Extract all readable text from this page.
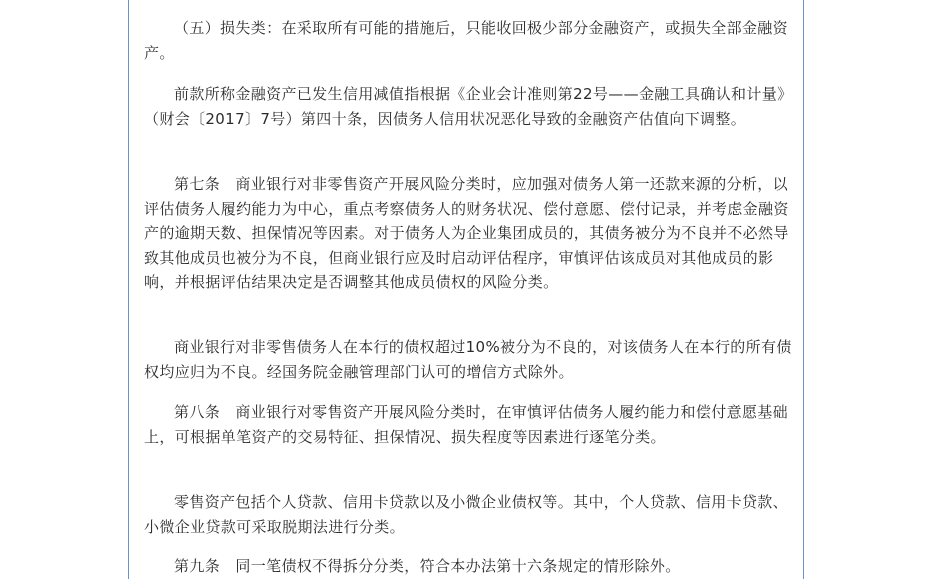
（五）损失类：在采取所有可能的措施后，只能收回极少部分金融资产，或损失全部金融资产。

前款所称金融资产已发生信用减值指根据《企业会计准则第22号——金融工具确认和计量》（财会〔2017〕7号）第四十条，因债务人信用状况恶化导致的金融资产估值向下调整。

第七条　商业银行对非零售资产开展风险分类时，应加强对债务人第一还款来源的分析，以评估债务人履约能力为中心，重点考察债务人的财务状况、偿付意愿、偿付记录，并考虑金融资产的逾期天数、担保情况等因素。对于债务人为企业集团成员的，其债务被分为不良并不必然导致其他成员也被分为不良，但商业银行应及时启动评估程序，审慎评估该成员对其他成员的影响，并根据评估结果决定是否调整其他成员债权的风险分类。

商业银行对非零售债务人在本行的债权超过10%被分为不良的，对该债务人在本行的所有债权均应归为不良。经国务院金融管理部门认可的增信方式除外。

第八条　商业银行对零售资产开展风险分类时，在审慎评估债务人履约能力和偿付意愿基础上，可根据单笔资产的交易特征、担保情况、损失程度等因素进行逐笔分类。

零售资产包括个人贷款、信用卡贷款以及小微企业债权等。其中，个人贷款、信用卡贷款、小微企业贷款可采取脱期法进行分类。

第九条　同一笔债权不得拆分分类，符合本办法第十六条规定的情形除外。
